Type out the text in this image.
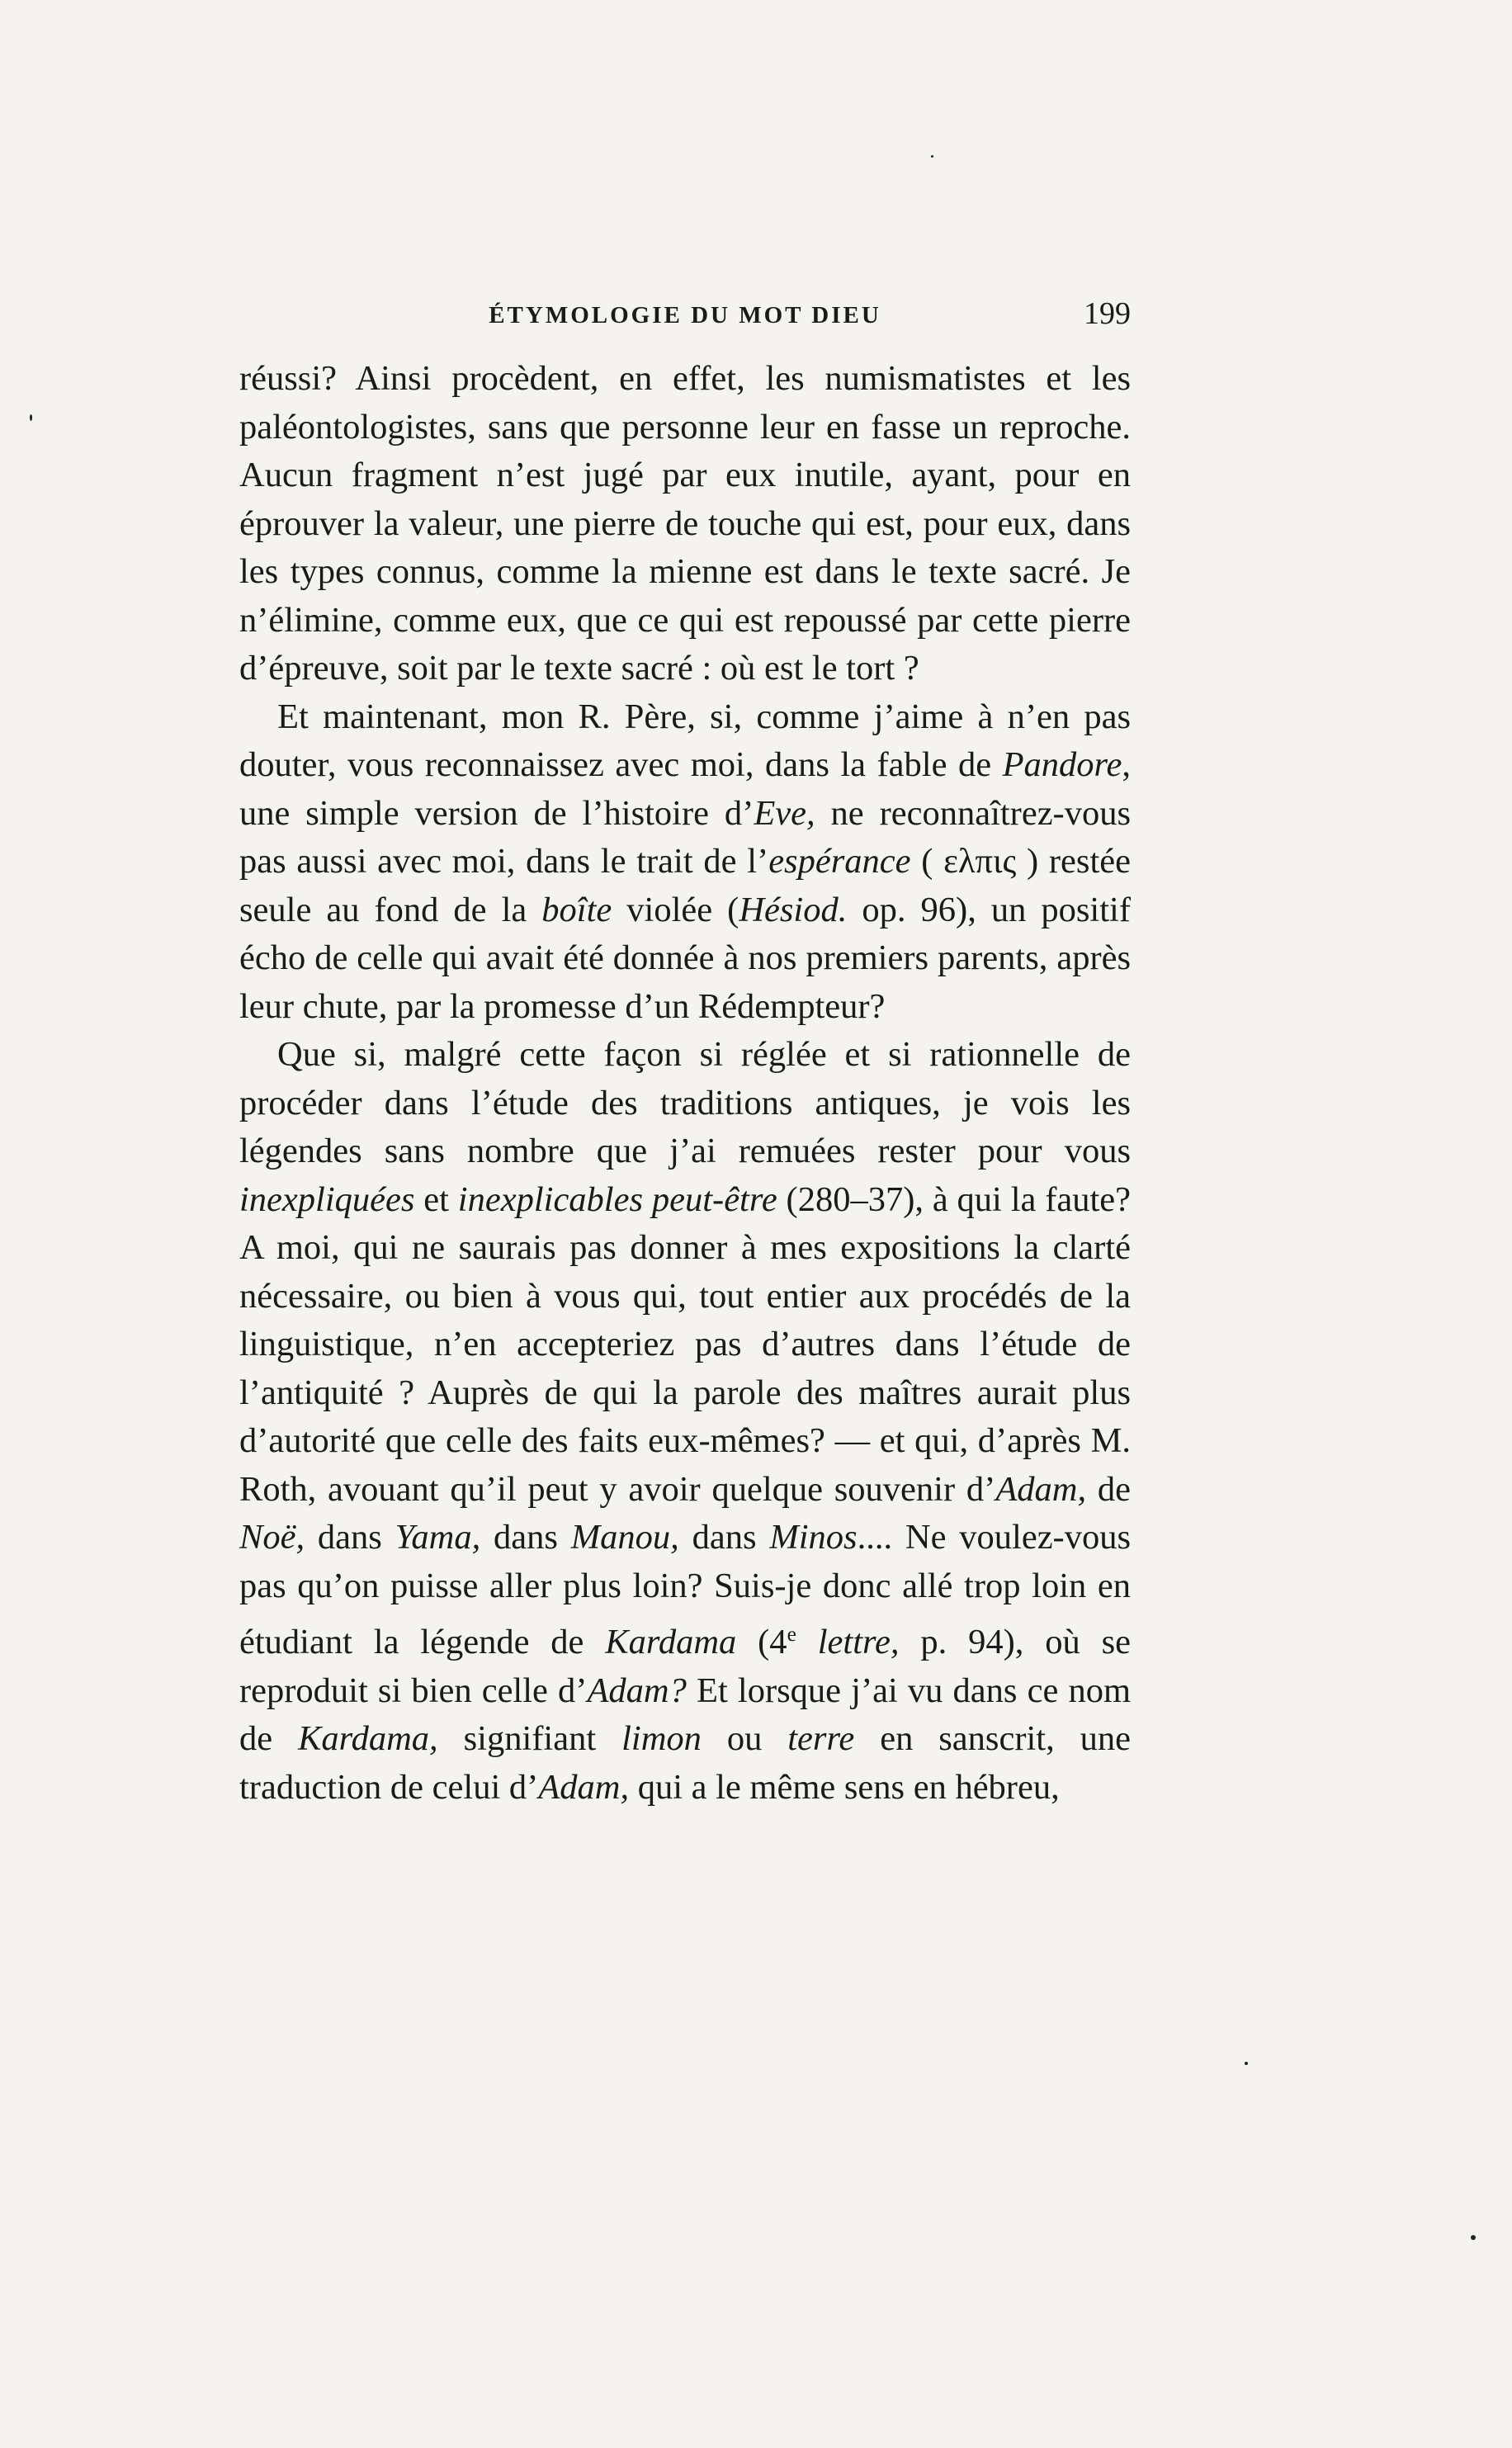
ÉTYMOLOGIE DU MOT DIEU	199

réussi? Ainsi procèdent, en effet, les numismatistes et les paléontologistes, sans que personne leur en fasse un reproche. Aucun fragment n’est jugé par eux inutile, ayant, pour en éprouver la valeur, une pierre de touche qui est, pour eux, dans les types connus, comme la mienne est dans le texte sacré. Je n’élimine, comme eux, que ce qui est repoussé par cette pierre d’épreuve, soit par le texte sacré : où est le tort ?

Et maintenant, mon R. Père, si, comme j’aime à n’en pas douter, vous reconnaissez avec moi, dans la fable de Pandore, une simple version de l’histoire d’Eve, ne reconnaîtrez-vous pas aussi avec moi, dans le trait de l’espérance ( ελπις ) restée seule au fond de la boîte violée (Hésiod. op. 96), un positif écho de celle qui avait été donnée à nos premiers parents, après leur chute, par la promesse d’un Rédempteur?

Que si, malgré cette façon si réglée et si rationnelle de procéder dans l’étude des traditions antiques, je vois les légendes sans nombre que j’ai remuées rester pour vous inexpliquées et inexplicables peut-être (280–37), à qui la faute? A moi, qui ne saurais pas donner à mes expositions la clarté nécessaire, ou bien à vous qui, tout entier aux procédés de la linguistique, n’en accepteriez pas d’autres dans l’étude de l’antiquité ? Auprès de qui la parole des maîtres aurait plus d’autorité que celle des faits eux-mêmes? — et qui, d’après M. Roth, avouant qu’il peut y avoir quelque souvenir d’Adam, de Noë, dans Yama, dans Manou, dans Minos.... Ne voulez-vous pas qu’on puisse aller plus loin? Suis-je donc allé trop loin en étudiant la légende de Kardama (4e lettre, p. 94), où se reproduit si bien celle d’Adam? Et lorsque j’ai vu dans ce nom de Kardama, signifiant limon ou terre en sanscrit, une traduction de celui d’Adam, qui a le même sens en hébreu,
